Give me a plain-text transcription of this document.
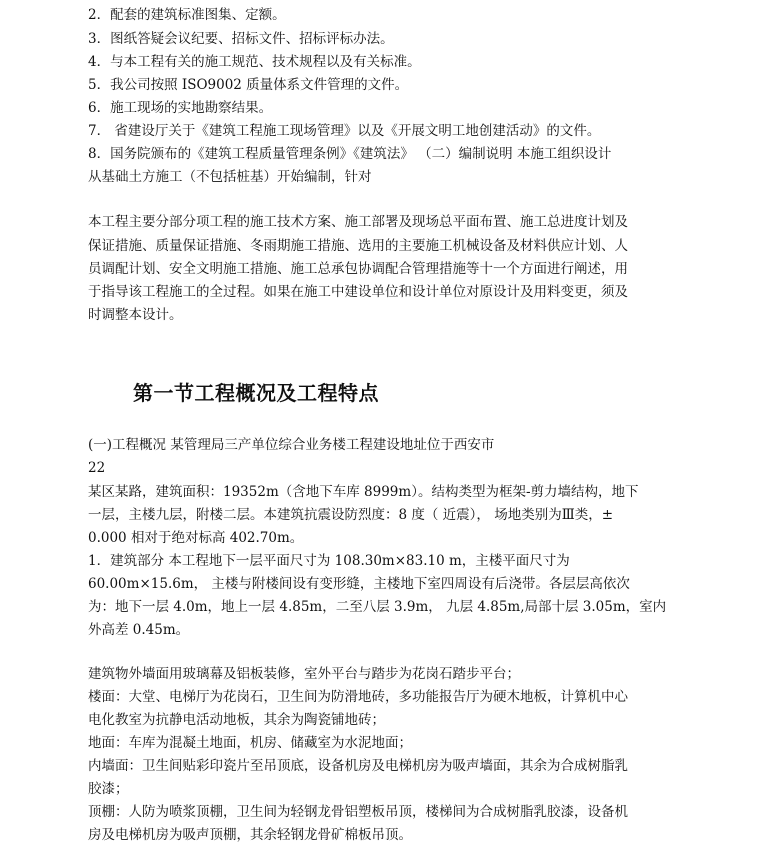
2．配套的建筑标准图集、定额。
3．图纸答疑会议纪要、招标文件、招标评标办法。
4．与本工程有关的施工规范、技术规程以及有关标准。
5．我公司按照 ISO9002 质量体系文件管理的文件。
6．施工现场的实地勘察结果。
7． 省建设厅关于《建筑工程施工现场管理》以及《开展文明工地创建活动》的文件。
8．国务院颁布的《建筑工程质量管理条例》《建筑法》 （二）编制说明 本施工组织设计
从基础土方施工（不包括桩基）开始编制，针对
本工程主要分部分项工程的施工技术方案、施工部署及现场总平面布置、施工总进度计划及
保证措施、质量保证措施、冬雨期施工措施、选用的主要施工机械设备及材料供应计划、人
员调配计划、安全文明施工措施、施工总承包协调配合管理措施等十一个方面进行阐述，用
于指导该工程施工的全过程。如果在施工中建设单位和设计单位对原设计及用料变更，须及
时调整本设计。
第一节工程概况及工程特点
(一)工程概况 某管理局三产单位综合业务楼工程建设地址位于西安市
22
某区某路，建筑面积：19352m（含地下车库 8999m）。结构类型为框架-剪力墙结构，地下
一层，主楼九层，附楼二层。本建筑抗震设防烈度：8 度（ 近震）， 场地类别为Ⅲ类，±
0.000 相对于绝对标高 402.70m。
1．建筑部分 本工程地下一层平面尺寸为 108.30m×83.10 m，主楼平面尺寸为
60.00m×15.6m， 主楼与附楼间设有变形缝，主楼地下室四周设有后浇带。各层层高依次
为：地下一层 4.0m，地上一层 4.85m，二至八层 3.9m， 九层 4.85m,局部十层 3.05m，室内
外高差 0.45m。
建筑物外墙面用玻璃幕及铝板装修，室外平台与踏步为花岗石踏步平台；
楼面：大堂、电梯厅为花岗石，卫生间为防滑地砖，多功能报告厅为硬木地板，计算机中心
电化教室为抗静电活动地板，其余为陶瓷铺地砖；
地面：车库为混凝土地面，机房、储藏室为水泥地面；
内墙面：卫生间贴彩印瓷片至吊顶底，设备机房及电梯机房为吸声墙面，其余为合成树脂乳
胶漆；
顶棚：人防为喷浆顶棚，卫生间为轻钢龙骨铝塑板吊顶，楼梯间为合成树脂乳胶漆，设备机
房及电梯机房为吸声顶棚，其余轻钢龙骨矿棉板吊顶。
